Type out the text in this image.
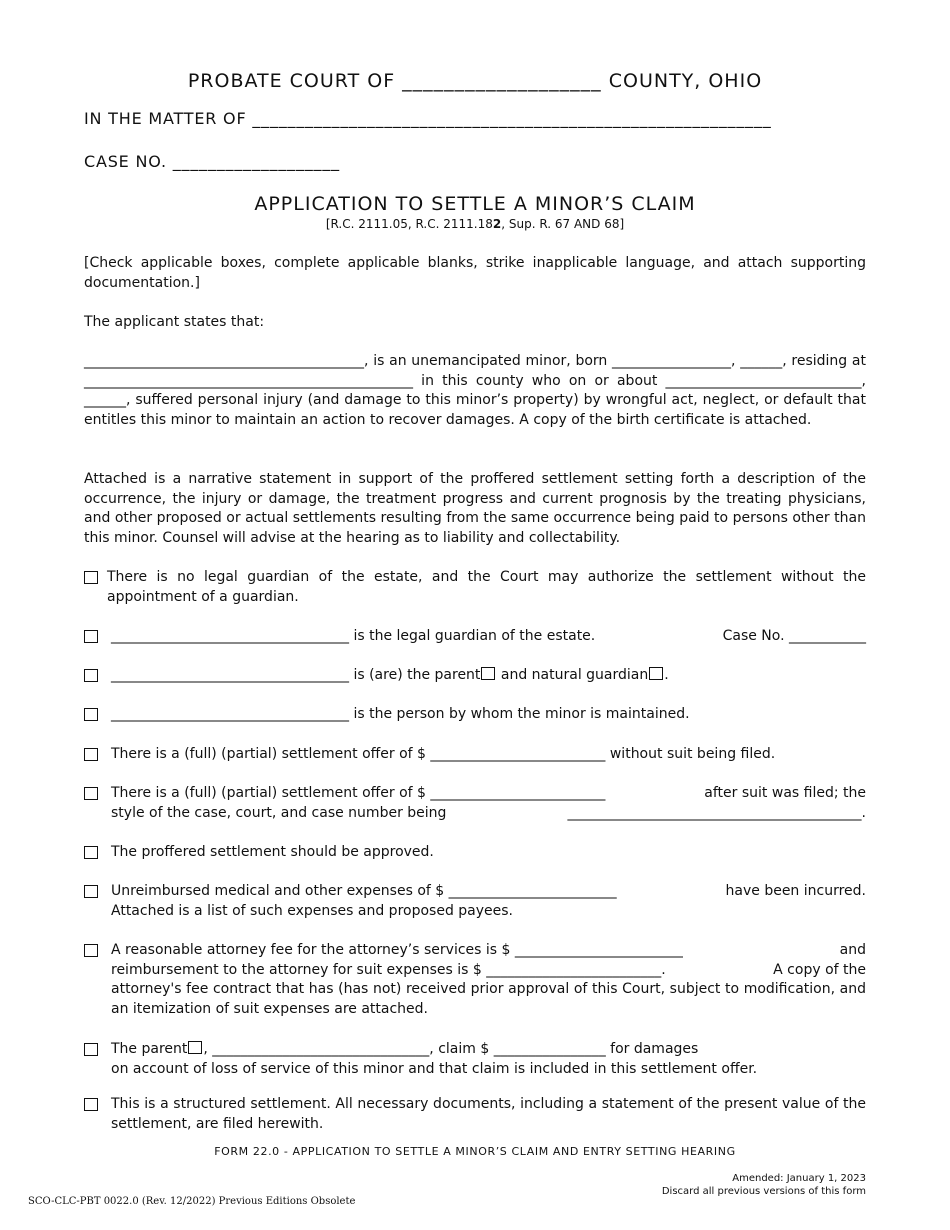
PROBATE COURT OF ___________________ COUNTY, OHIO
IN THE MATTER OF ___________________________________________________________
CASE NO. ___________________
APPLICATION TO SETTLE A MINOR’S CLAIM
[R.C. 2111.05, R.C. 2111.182, Sup. R. 67 AND 68]
[Check applicable boxes, complete applicable blanks, strike inapplicable language, and attach supporting documentation.]
The applicant states that:
________________________________________, is an unemancipated minor, born _________________, ______, residing at _______________________________________________ in this county who on or about ____________________________, ______, suffered personal injury (and damage to this minor’s property) by wrongful act, neglect, or default that entitles this minor to maintain an action to recover damages. A copy of the birth certificate is attached.
Attached is a narrative statement in support of the proffered settlement setting forth a description of the occurrence, the injury or damage, the treatment progress and current prognosis by the treating physicians, and other proposed or actual settlements resulting from the same occurrence being paid to persons other than this minor. Counsel will advise at the hearing as to liability and collectability.
There is no legal guardian of the estate, and the Court may authorize the settlement without the appointment of a guardian.
__________________________________ is the legal guardian of the estate.	Case No. ___________
__________________________________ is (are) the parent and natural guardian .
__________________________________ is the person by whom the minor is maintained.
There is a (full) (partial) settlement offer of $ _________________________ without suit being filed.
There is a (full) (partial) settlement offer of $ _________________________	after suit was filed; the
style of the case, court, and case number being	__________________________________________.
The proffered settlement should be approved.
Unreimbursed medical and other expenses of $ ________________________	have been incurred.
Attached is a list of such expenses and proposed payees.
A reasonable attorney fee for the attorney’s services is $ ________________________	and
reimbursement to the attorney for suit expenses is $ _________________________.	A copy of the
attorney's fee contract that has (has not) received prior approval of this Court, subject to modification, and an itemization of suit expenses are attached.
The parent , _______________________________, claim $ ________________ for damages
on account of loss of service of this minor and that claim is included in this settlement offer.
This is a structured settlement. All necessary documents, including a statement of the present value of the settlement, are filed herewith.
FORM 22.0 - APPLICATION TO SETTLE A MINOR’S CLAIM AND ENTRY SETTING HEARING
Amended: January 1, 2023
Discard all previous versions of this form
SCO-CLC-PBT 0022.0 (Rev. 12/2022) Previous Editions Obsolete
